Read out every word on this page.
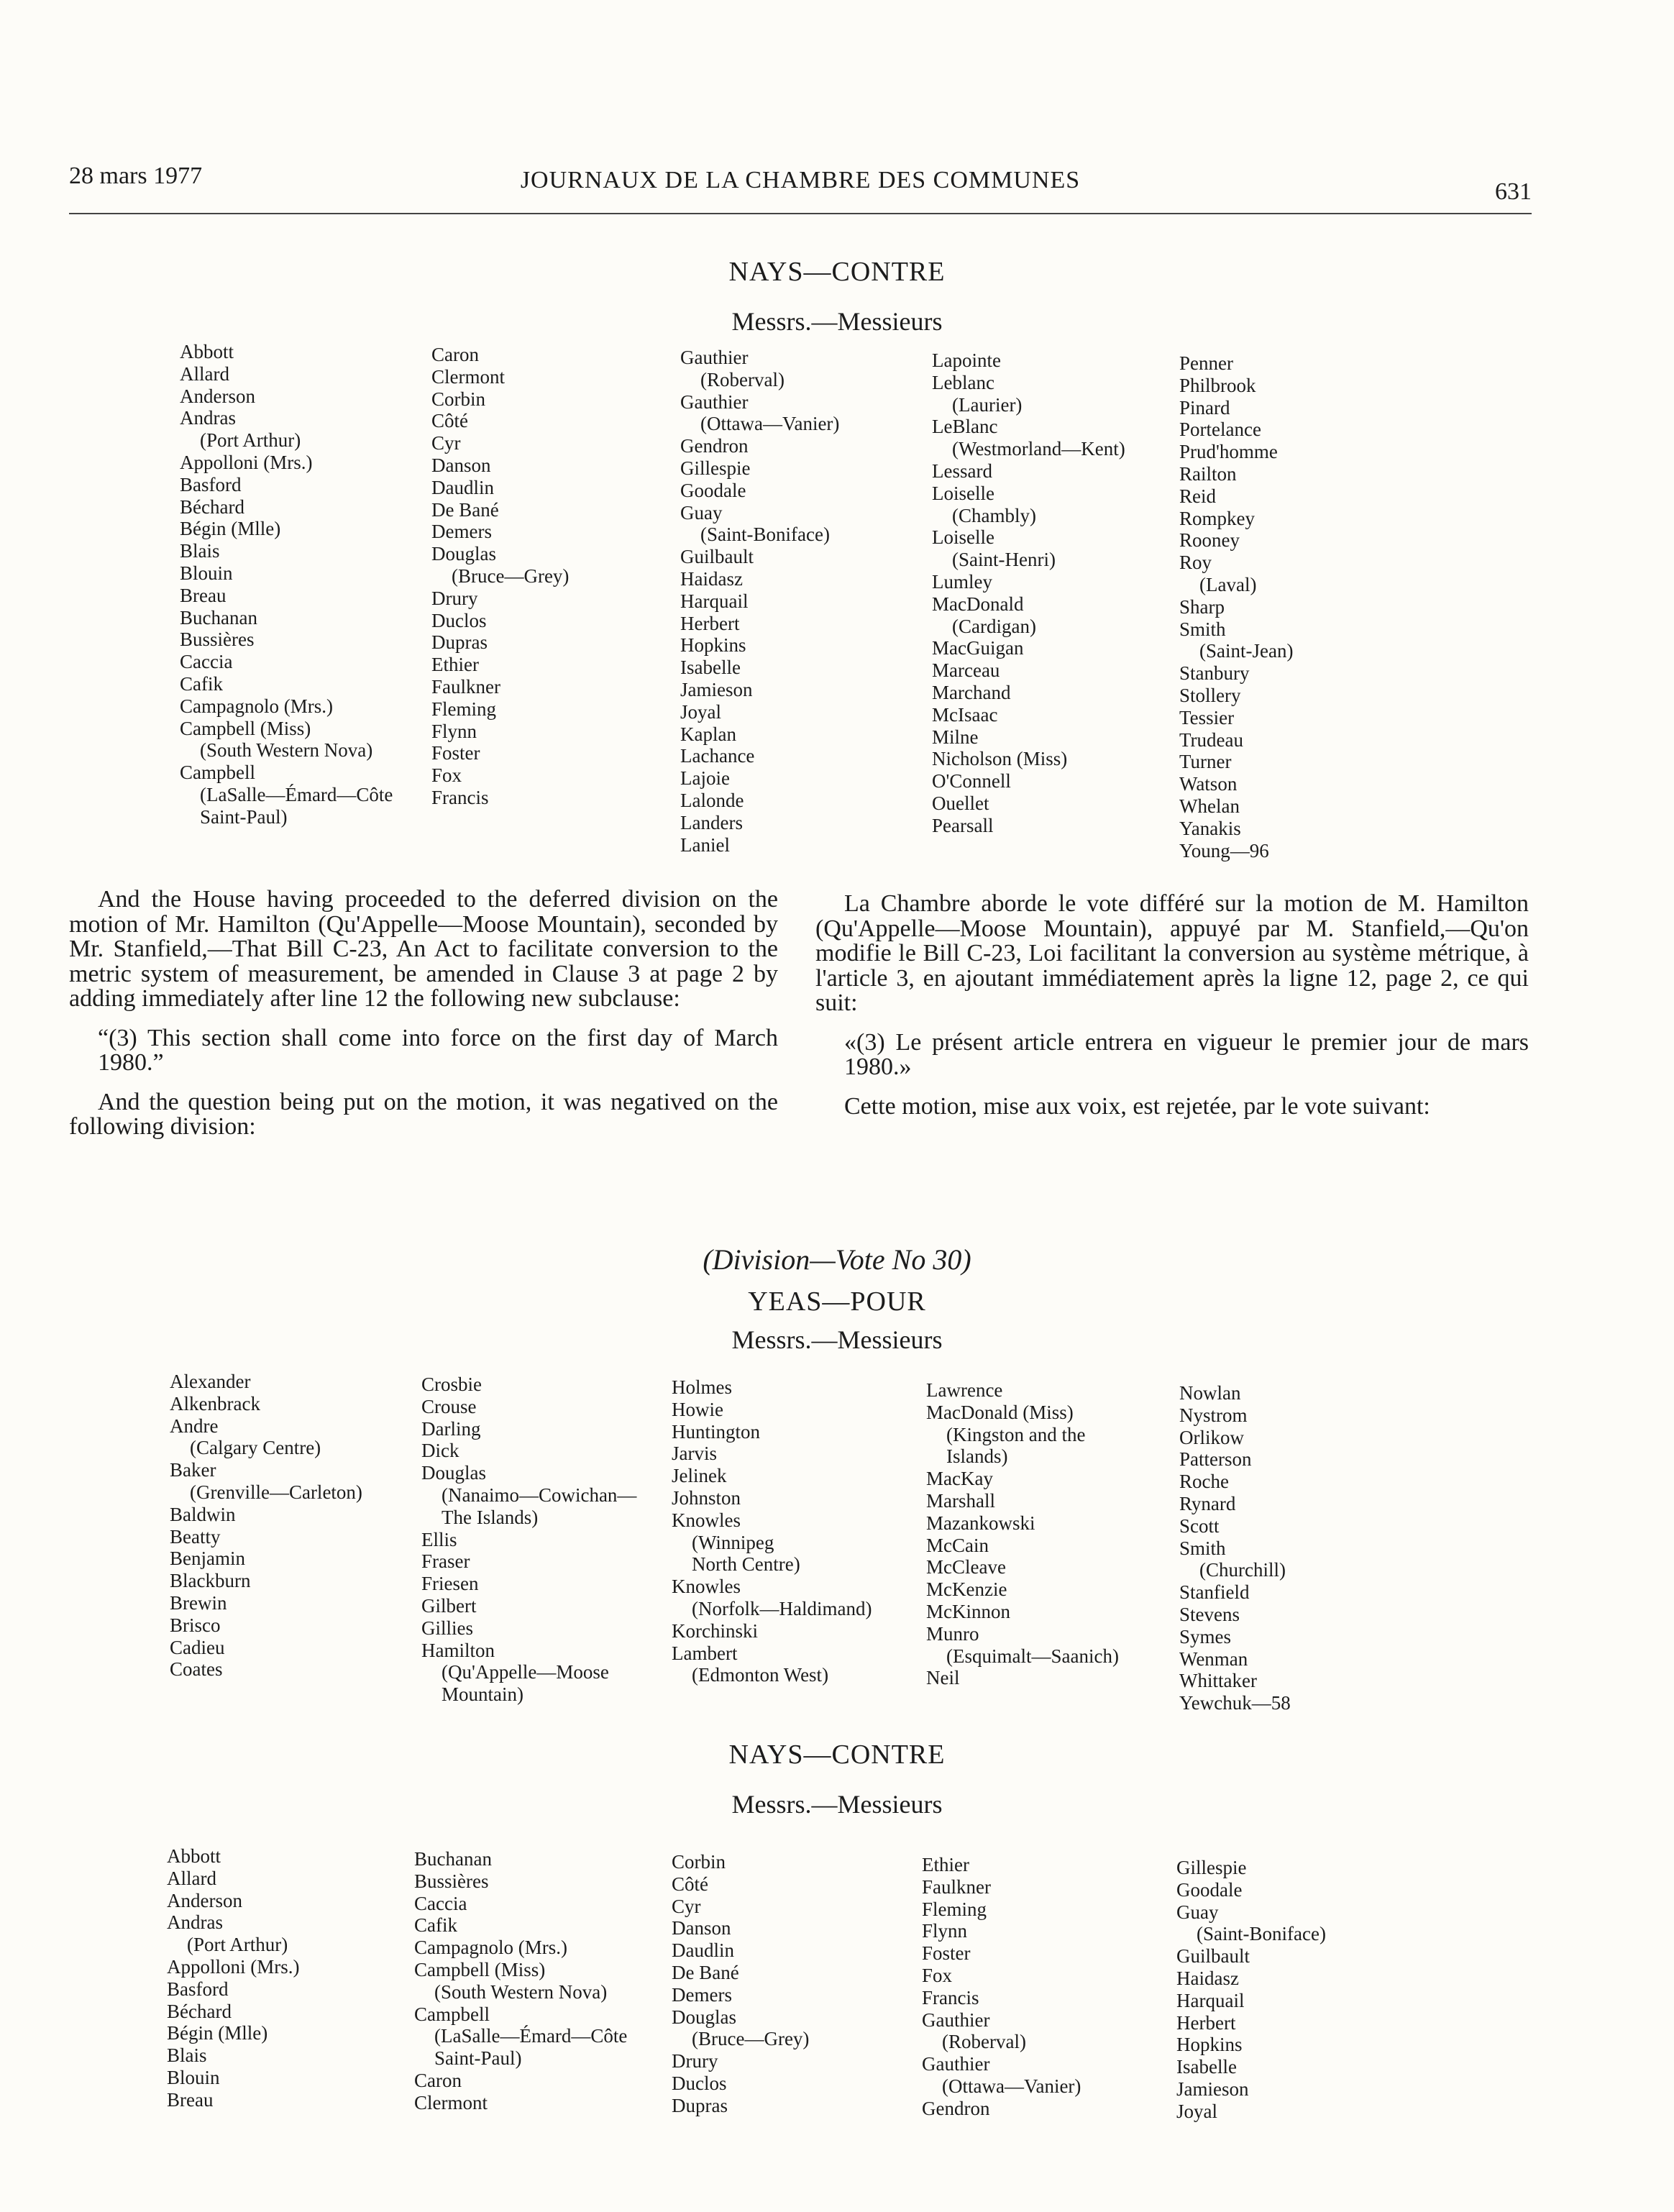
28 mars 1977	JOURNAUX DE LA CHAMBRE DES COMMUNES	631
NAYS—CONTRE
Messrs.—Messieurs
Abbott
Allard
Anderson
Andras
(Port Arthur)
Appolloni (Mrs.)
Basford
Béchard
Bégin (Mlle)
Blais
Blouin
Breau
Buchanan
Bussières
Caccia
Cafik
Campagnolo (Mrs.)
Campbell (Miss)
(South Western Nova)
Campbell
(LaSalle—Émard—Côte
Saint-Paul)
Caron
Clermont
Corbin
Côté
Cyr
Danson
Daudlin
De Bané
Demers
Douglas
(Bruce—Grey)
Drury
Duclos
Dupras
Ethier
Faulkner
Fleming
Flynn
Foster
Fox
Francis
Gauthier
(Roberval)
Gauthier
(Ottawa—Vanier)
Gendron
Gillespie
Goodale
Guay
(Saint-Boniface)
Guilbault
Haidasz
Harquail
Herbert
Hopkins
Isabelle
Jamieson
Joyal
Kaplan
Lachance
Lajoie
Lalonde
Landers
Laniel
Lapointe
Leblanc
(Laurier)
LeBlanc
(Westmorland—Kent)
Lessard
Loiselle
(Chambly)
Loiselle
(Saint-Henri)
Lumley
MacDonald
(Cardigan)
MacGuigan
Marceau
Marchand
McIsaac
Milne
Nicholson (Miss)
O'Connell
Ouellet
Pearsall
Penner
Philbrook
Pinard
Portelance
Prud'homme
Railton
Reid
Rompkey
Rooney
Roy
(Laval)
Sharp
Smith
(Saint-Jean)
Stanbury
Stollery
Tessier
Trudeau
Turner
Watson
Whelan
Yanakis
Young—96

And the House having proceeded to the deferred division on the motion of Mr. Hamilton (Qu'Appelle—Moose Mountain), seconded by Mr. Stanfield,—That Bill C-23, An Act to facilitate conversion to the metric system of measurement, be amended in Clause 3 at page 2 by adding immediately after line 12 the following new subclause:

“(3) This section shall come into force on the first day of March 1980.”

And the question being put on the motion, it was negatived on the following division:

La Chambre aborde le vote différé sur la motion de M. Hamilton (Qu'Appelle—Moose Mountain), appuyé par M. Stanfield,—Qu'on modifie le Bill C-23, Loi facilitant la conversion au système métrique, à l'article 3, en ajoutant immédiatement après la ligne 12, page 2, ce qui suit:

«(3) Le présent article entrera en vigueur le premier jour de mars 1980.»

Cette motion, mise aux voix, est rejetée, par le vote suivant:

(Division—Vote No 30)
YEAS—POUR
Messrs.—Messieurs
Alexander
Alkenbrack
Andre
(Calgary Centre)
Baker
(Grenville—Carleton)
Baldwin
Beatty
Benjamin
Blackburn
Brewin
Brisco
Cadieu
Coates
Crosbie
Crouse
Darling
Dick
Douglas
(Nanaimo—Cowichan—
The Islands)
Ellis
Fraser
Friesen
Gilbert
Gillies
Hamilton
(Qu'Appelle—Moose
Mountain)
Holmes
Howie
Huntington
Jarvis
Jelinek
Johnston
Knowles
(Winnipeg
North Centre)
Knowles
(Norfolk—Haldimand)
Korchinski
Lambert
(Edmonton West)
Lawrence
MacDonald (Miss)
(Kingston and the
Islands)
MacKay
Marshall
Mazankowski
McCain
McCleave
McKenzie
McKinnon
Munro
(Esquimalt—Saanich)
Neil
Nowlan
Nystrom
Orlikow
Patterson
Roche
Rynard
Scott
Smith
(Churchill)
Stanfield
Stevens
Symes
Wenman
Whittaker
Yewchuk—58
NAYS—CONTRE
Messrs.—Messieurs
Abbott
Allard
Anderson
Andras
(Port Arthur)
Appolloni (Mrs.)
Basford
Béchard
Bégin (Mlle)
Blais
Blouin
Breau
Buchanan
Bussières
Caccia
Cafik
Campagnolo (Mrs.)
Campbell (Miss)
(South Western Nova)
Campbell
(LaSalle—Émard—Côte
Saint-Paul)
Caron
Clermont
Corbin
Côté
Cyr
Danson
Daudlin
De Bané
Demers
Douglas
(Bruce—Grey)
Drury
Duclos
Dupras
Ethier
Faulkner
Fleming
Flynn
Foster
Fox
Francis
Gauthier
(Roberval)
Gauthier
(Ottawa—Vanier)
Gendron
Gillespie
Goodale
Guay
(Saint-Boniface)
Guilbault
Haidasz
Harquail
Herbert
Hopkins
Isabelle
Jamieson
Joyal
